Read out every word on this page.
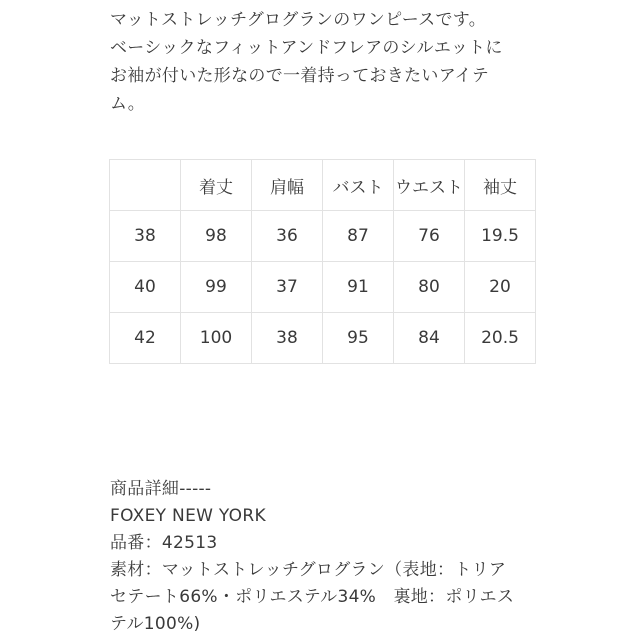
マットストレッチグログランのワンピースです。
ベーシックなフィットアンドフレアのシルエットに
お袖が付いた形なので一着持っておきたいアイテ
ム。
	着丈	肩幅	バスト	ウエスト	袖丈
38	98	36	87	76	19.5
40	99	37	91	80	20
42	100	38	95	84	20.5
商品詳細-----
FOXEY NEW YORK
品番：42513
素材：マットストレッチグログラン（表地：トリア
セテート66%・ポリエステル34%　裏地：ポリエス
テル100%)
